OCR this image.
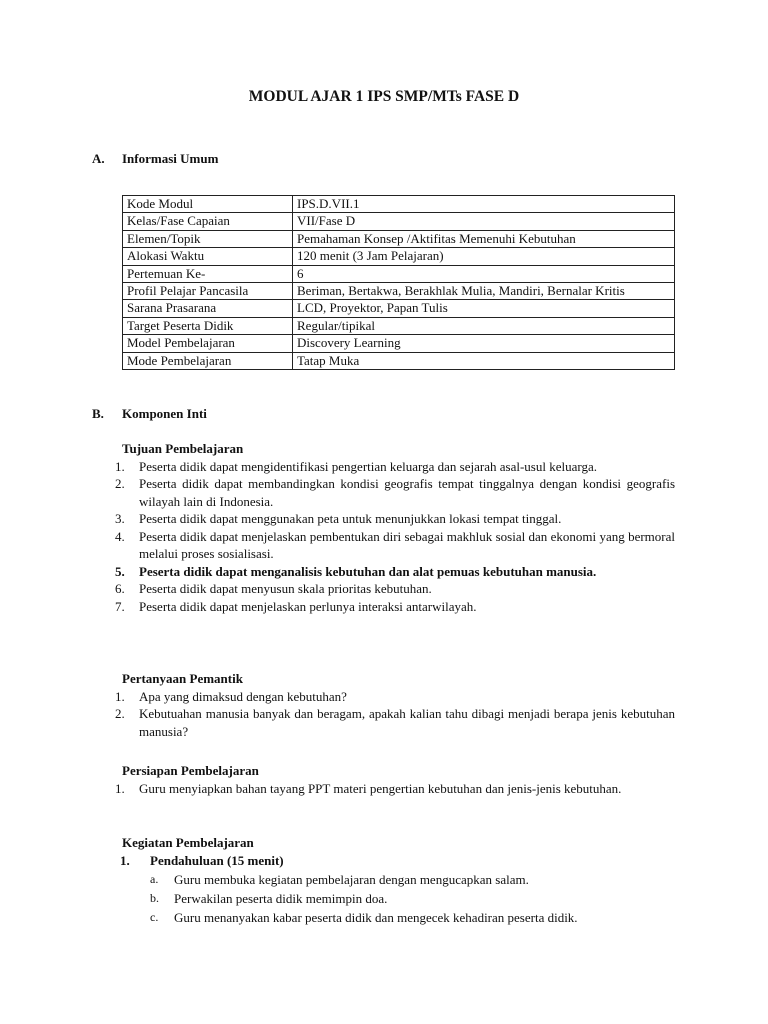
MODUL AJAR 1 IPS SMP/MTs FASE D
A. Informasi Umum
Kode Modul	IPS.D.VII.1
Kelas/Fase Capaian	VII/Fase D
Elemen/Topik	Pemahaman Konsep /Aktifitas Memenuhi Kebutuhan
Alokasi Waktu	120 menit (3 Jam Pelajaran)
Pertemuan Ke-	6
Profil Pelajar Pancasila	Beriman, Bertakwa, Berakhlak Mulia, Mandiri, Bernalar Kritis
Sarana Prasarana	LCD, Proyektor, Papan Tulis
Target Peserta Didik	Regular/tipikal
Model Pembelajaran	Discovery Learning
Mode Pembelajaran	Tatap Muka
B. Komponen Inti
Tujuan Pembelajaran
1. Peserta didik dapat mengidentifikasi pengertian keluarga dan sejarah asal-usul keluarga.
2. Peserta didik dapat membandingkan kondisi geografis tempat tinggalnya dengan kondisi geografis wilayah lain di Indonesia.
3. Peserta didik dapat menggunakan peta untuk menunjukkan lokasi tempat tinggal.
4. Peserta didik dapat menjelaskan pembentukan diri sebagai makhluk sosial dan ekonomi yang bermoral melalui proses sosialisasi.
5. Peserta didik dapat menganalisis kebutuhan dan alat pemuas kebutuhan manusia.
6. Peserta didik dapat menyusun skala prioritas kebutuhan.
7. Peserta didik dapat menjelaskan perlunya interaksi antarwilayah.
Pertanyaan Pemantik
1. Apa yang dimaksud dengan kebutuhan?
2. Kebutuahan manusia banyak dan beragam, apakah kalian tahu dibagi menjadi berapa jenis kebutuhan manusia?
Persiapan Pembelajaran
1. Guru menyiapkan bahan tayang PPT materi pengertian kebutuhan dan jenis-jenis kebutuhan.
Kegiatan Pembelajaran
1. Pendahuluan (15 menit)
a. Guru membuka kegiatan pembelajaran dengan mengucapkan salam.
b. Perwakilan peserta didik memimpin doa.
c. Guru menanyakan kabar peserta didik dan mengecek kehadiran peserta didik.
